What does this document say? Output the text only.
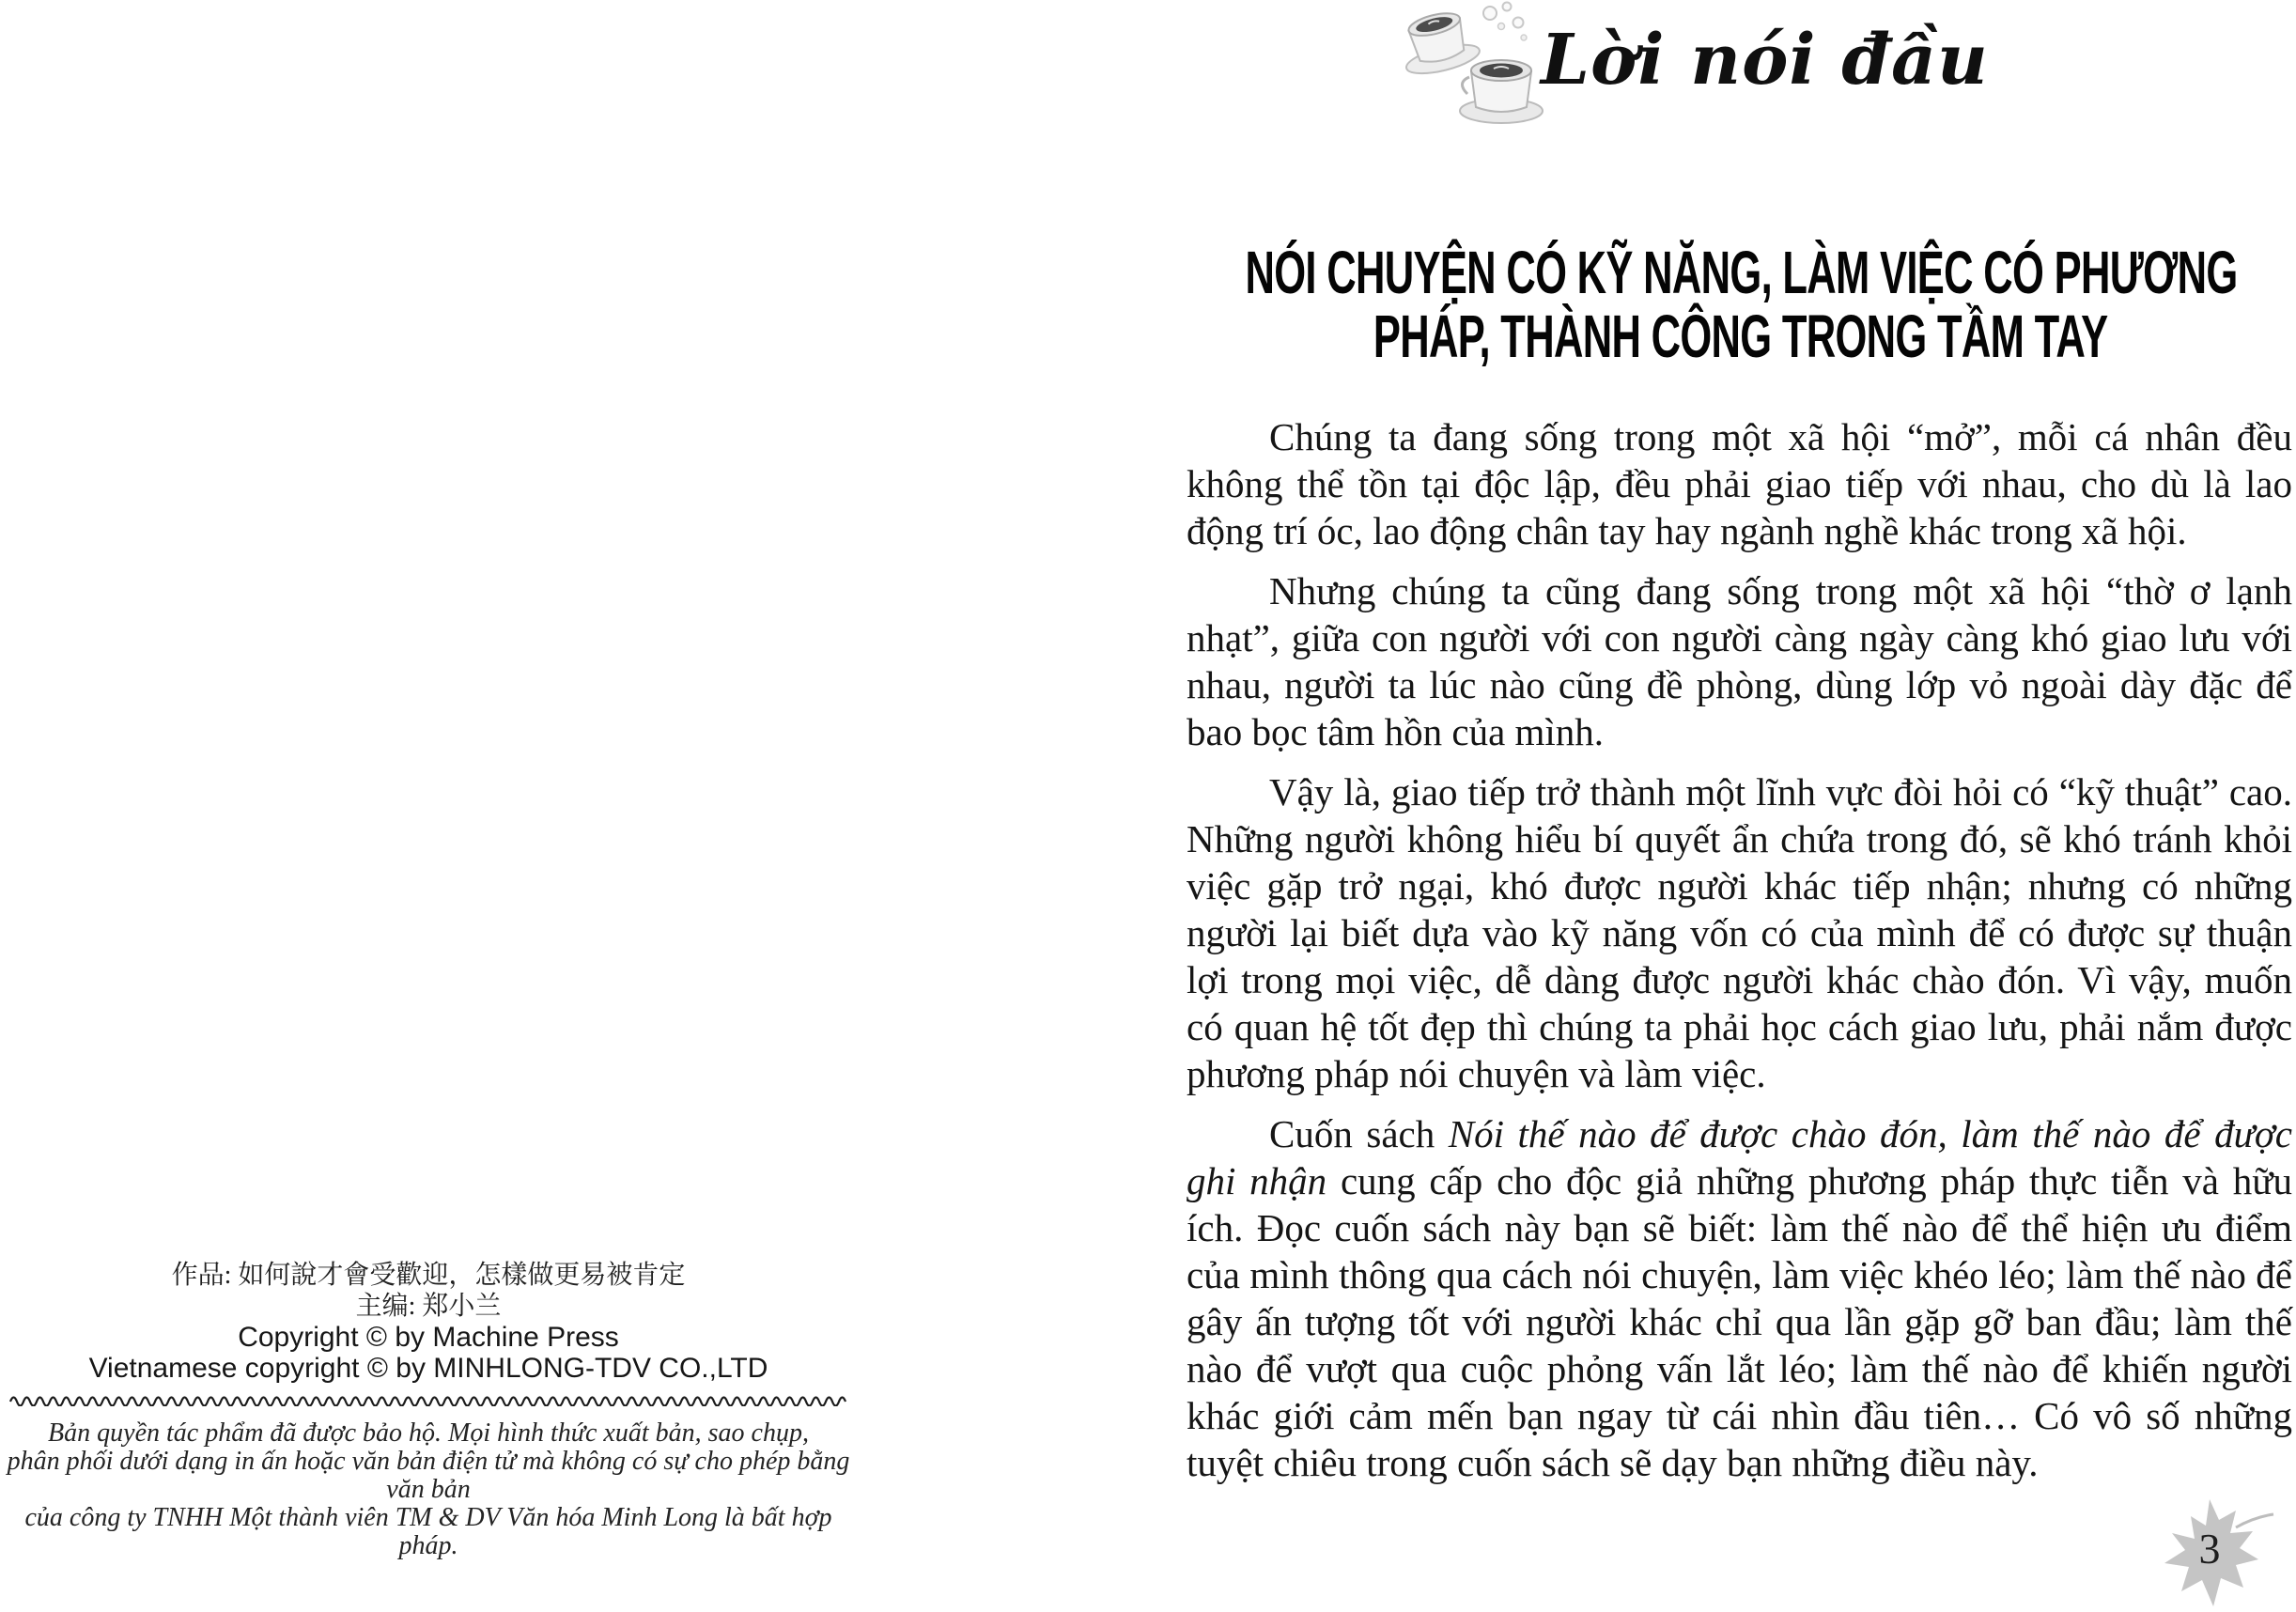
作品: 如何說才會受歡迎，怎樣做更易被肯定
主编: 郑小兰
Copyright © by Machine Press
Vietnamese copyright © by MINHLONG-TDV CO.,LTD
Bản quyền tác phẩm đã được bảo hộ. Mọi hình thức xuất bản, sao chụp,
phân phối dưới dạng in ấn hoặc văn bản điện tử mà không có sự cho phép bằng văn bản
của công ty TNHH Một thành viên TM & DV Văn hóa Minh Long là bất hợp pháp.
Lời nói đầu
NÓI CHUYỆN CÓ KỸ NĂNG, LÀM VIỆC CÓ PHƯƠNG
PHÁP, THÀNH CÔNG TRONG TẦM TAY

Chúng ta đang sống trong một xã hội “mở”, mỗi cá nhân đều không thể tồn tại độc lập, đều phải giao tiếp với nhau, cho dù là lao động trí óc, lao động chân tay hay ngành nghề khác trong xã hội.

Nhưng chúng ta cũng đang sống trong một xã hội “thờ ơ lạnh nhạt”, giữa con người với con người càng ngày càng khó giao lưu với nhau, người ta lúc nào cũng đề phòng, dùng lớp vỏ ngoài dày đặc để bao bọc tâm hồn của mình.

Vậy là, giao tiếp trở thành một lĩnh vực đòi hỏi có “kỹ thuật” cao. Những người không hiểu bí quyết ẩn chứa trong đó, sẽ khó tránh khỏi việc gặp trở ngại, khó được người khác tiếp nhận; nhưng có những người lại biết dựa vào kỹ năng vốn có của mình để có được sự thuận lợi trong mọi việc, dễ dàng được người khác chào đón. Vì vậy, muốn có quan hệ tốt đẹp thì chúng ta phải học cách giao lưu, phải nắm được phương pháp nói chuyện và làm việc.

Cuốn sách Nói thế nào để được chào đón, làm thế nào để được ghi nhận cung cấp cho độc giả những phương pháp thực tiễn và hữu ích. Đọc cuốn sách này bạn sẽ biết: làm thế nào để thể hiện ưu điểm của mình thông qua cách nói chuyện, làm việc khéo léo; làm thế nào để gây ấn tượng tốt với người khác chỉ qua lần gặp gỡ ban đầu; làm thế nào để vượt qua cuộc phỏng vấn lắt léo; làm thế nào để khiến người khác giới cảm mến bạn ngay từ cái nhìn đầu tiên… Có vô số những tuyệt chiêu trong cuốn sách sẽ dạy bạn những điều này.

3
